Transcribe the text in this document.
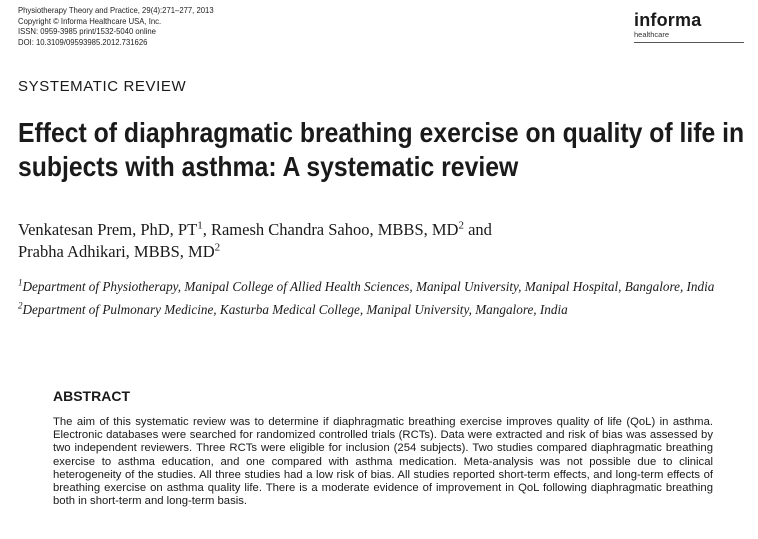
Physiotherapy Theory and Practice, 29(4):271–277, 2013
Copyright © Informa Healthcare USA, Inc.
ISSN: 0959-3985 print/1532-5040 online
DOI: 10.3109/09593985.2012.731626
informa
healthcare
SYSTEMATIC REVIEW
Effect of diaphragmatic breathing exercise on quality of life in subjects with asthma: A systematic review
Venkatesan Prem, PhD, $PT^1$, Ramesh Chandra Sahoo, MBBS, $MD^2$ and
Prabha Adhikari, MBBS, $MD^2$
$^1$Department of Physiotherapy, Manipal College of Allied Health Sciences, Manipal University, Manipal Hospital, Bangalore, India
$^2$Department of Pulmonary Medicine, Kasturba Medical College, Manipal University, Mangalore, India
ABSTRACT
The aim of this systematic review was to determine if diaphragmatic breathing exercise improves quality of life (QoL) in asthma. Electronic databases were searched for randomized controlled trials (RCTs). Data were extracted and risk of bias was assessed by two independent reviewers. Three RCTs were eligible for inclusion (254 subjects). Two studies compared diaphragmatic breathing exercise to asthma education, and one compared with asthma medication. Meta-analysis was not possible due to clinical heterogeneity of the studies. All three studies had a low risk of bias. All studies reported short-term effects, and long-term effects of breathing exercise on asthma quality life. There is a moderate evidence of improvement in QoL following diaphragmatic breathing both in short-term and long-term basis.
